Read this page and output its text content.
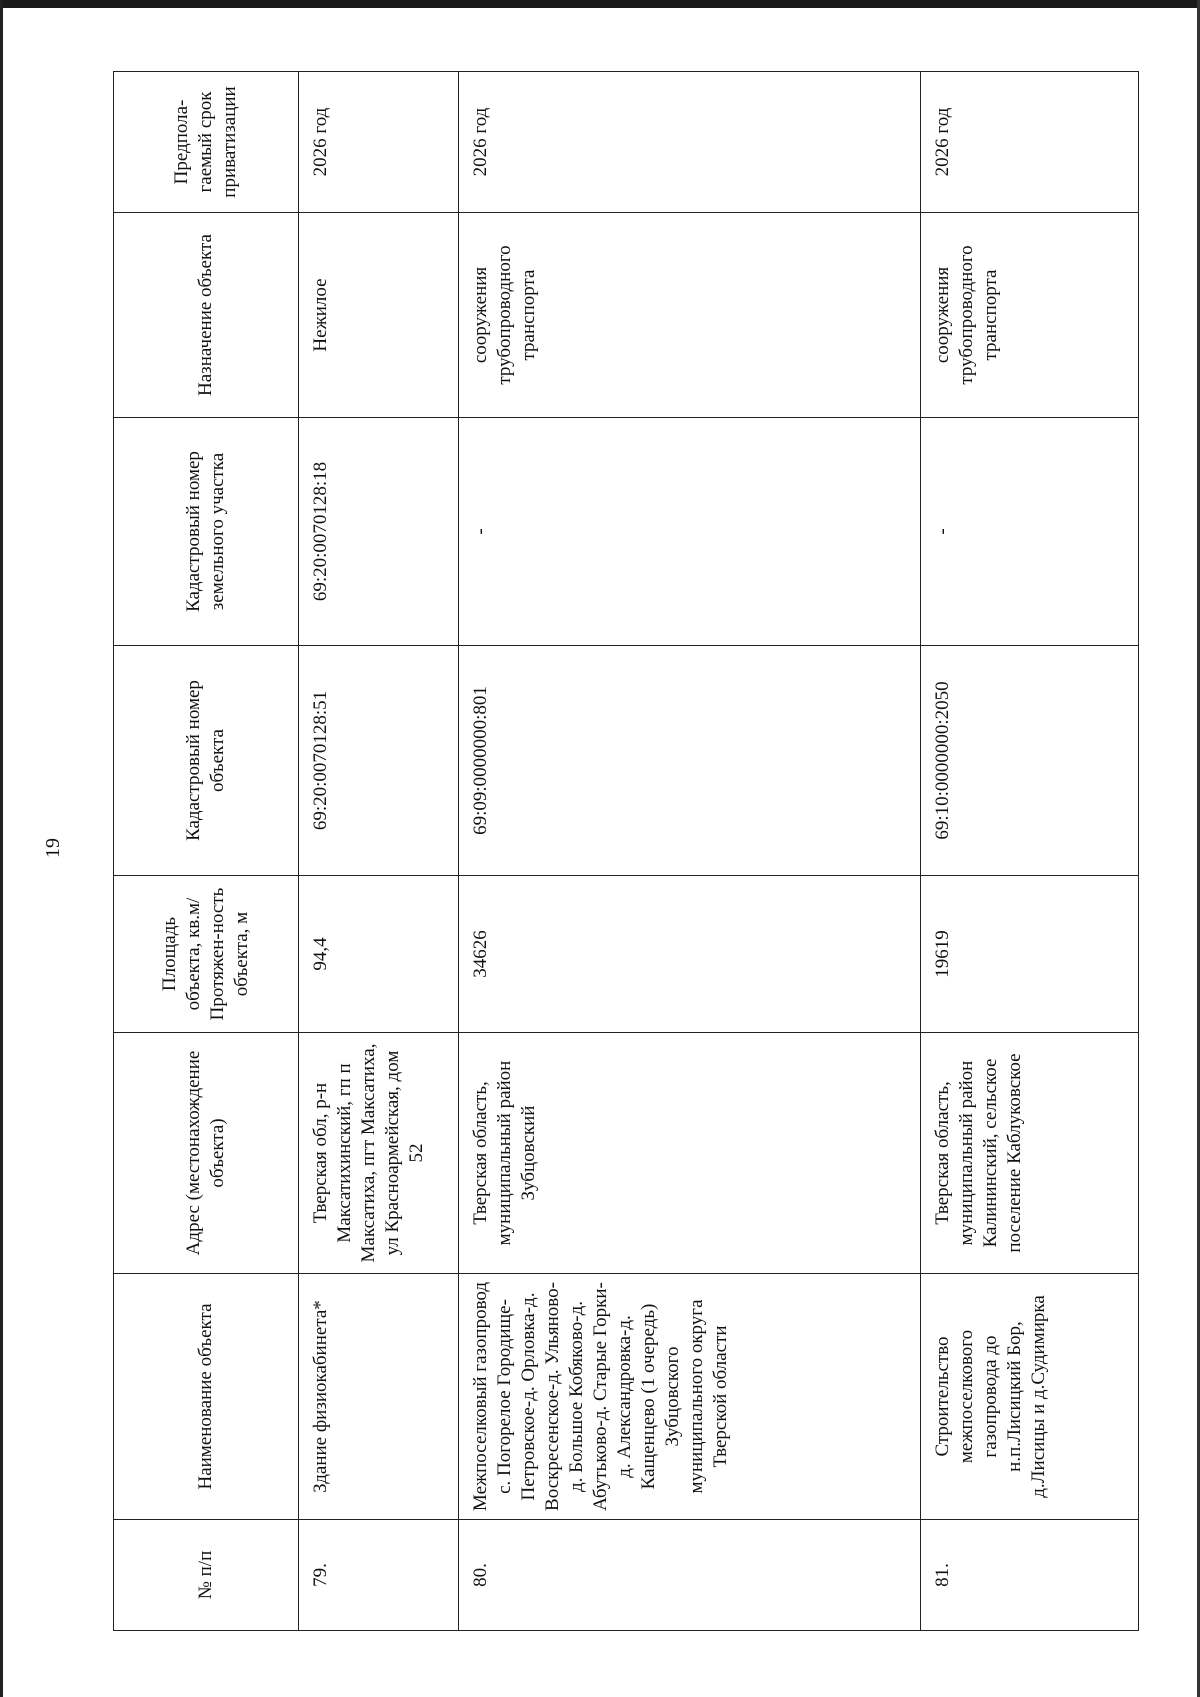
19
№ п/п	Наименование объекта	Адрес (местонахождение объекта)	Площадь объекта, кв.м/ Протяжен-ность объекта, м	Кадастровый номер объекта	Кадастровый номер земельного участка	Назначение объекта	Предпола-гаемый срок приватизации
79.	Здание физиокабинета*	Тверская обл, р-н Максатихинский, гп п Максатиха, пгт Максатиха, ул Красноармейская, дом 52	94,4	69:20:0070128:51	69:20:0070128:18	Нежилое	2026 год
80.	Межпоселковый газопровод с. Погорелое Городище-Петровское-д. Орловка-д. Воскресенское-д. Ульяново-д. Большое Кобяково-д. Абутьково-д. Старые Горки-д. Александровка-д. Кащенцево (1 очередь) Зубцовского муниципального округа Тверской области	Тверская область, муниципальный район Зубцовский	34626	69:09:0000000:801	-	сооружения трубопроводного транспорта	2026 год
81.	Строительство межпоселкового газопровода до н.п.Лисицкий Бор, д.Лисицы и д.Судимирка	Тверская область, муниципальный район Калининский, сельское поселение Каблуковское	19619	69:10:0000000:2050	-	сооружения трубопроводного транспорта	2026 год
